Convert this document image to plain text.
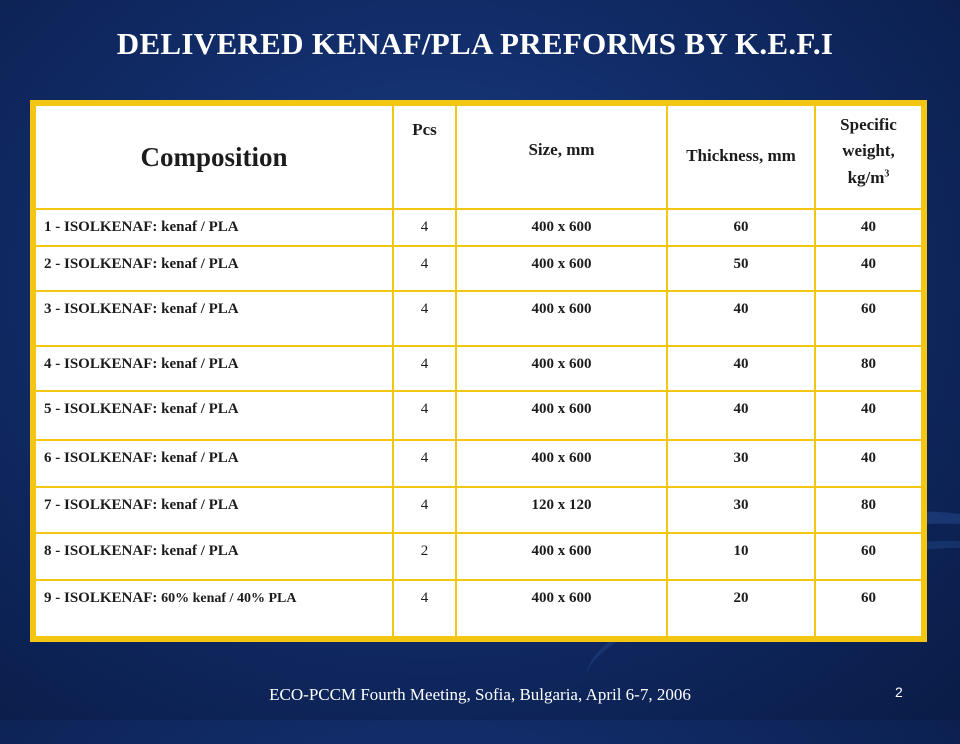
DELIVERED KENAF/PLA PREFORMS BY K.E.F.I
Composition	Pcs	Size, mm	Thickness, mm	Specific weight,
$kg/m^3$
1 - ISOLKENAF: kenaf / PLA	4	400 x 600	60	40
2 - ISOLKENAF: kenaf / PLA	4	400 x 600	50	40
3 - ISOLKENAF: kenaf / PLA	4	400 x 600	40	60
4 - ISOLKENAF: kenaf / PLA	4	400 x 600	40	80
5 - ISOLKENAF: kenaf / PLA	4	400 x 600	40	40
6 - ISOLKENAF: kenaf / PLA	4	400 x 600	30	40
7 - ISOLKENAF: kenaf / PLA	4	120 x 120	30	80
8 - ISOLKENAF: kenaf / PLA	2	400 x 600	10	60
9 - ISOLKENAF: 60% kenaf / 40% PLA	4	400 x 600	20	60
ECO-PCCM Fourth Meeting, Sofia, Bulgaria, April 6-7, 2006	2
